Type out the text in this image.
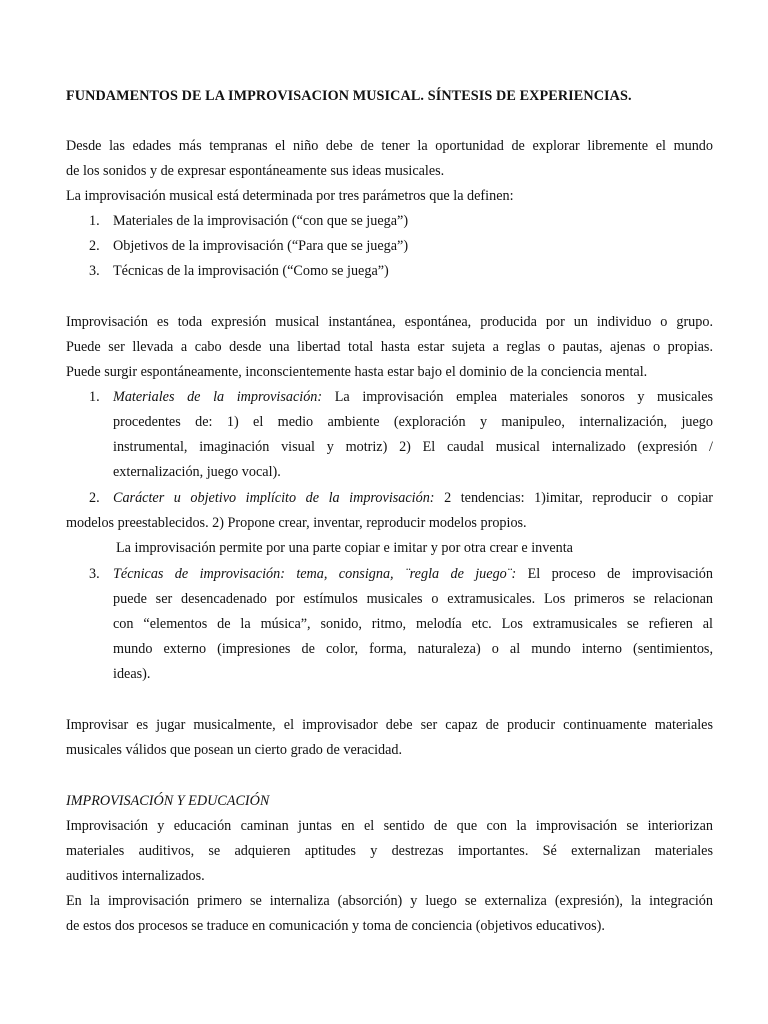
FUNDAMENTOS DE LA IMPROVISACION MUSICAL. SÍNTESIS DE EXPERIENCIAS.

Desde las edades más tempranas el niño debe de tener la oportunidad de explorar libremente el mundo
de los sonidos y de expresar espontáneamente sus ideas musicales.
La improvisación musical está determinada por tres parámetros que la definen:
1. Materiales de la improvisación (“con que se juega”)
2. Objetivos de la improvisación (“Para que se juega”)
3. Técnicas de la improvisación (“Como se juega”)
Improvisación es toda expresión musical instantánea, espontánea, producida por un individuo o grupo.
Puede ser llevada a cabo desde una libertad total hasta estar sujeta a reglas o pautas, ajenas o propias.
Puede surgir espontáneamente, inconscientemente hasta estar bajo el dominio de la conciencia mental.
1. Materiales de la improvisación: La improvisación emplea materiales sonoros y musicales
procedentes de: 1) el medio ambiente (exploración y manipuleo, internalización, juego
instrumental, imaginación visual y motriz) 2) El caudal musical internalizado (expresión /
externalización, juego vocal).
2. Carácter u objetivo implícito de la improvisación: 2 tendencias: 1)imitar, reproducir o copiar
modelos preestablecidos. 2) Propone crear, inventar, reproducir modelos propios.
La improvisación permite por una parte copiar e imitar y por otra crear e inventa
3. Técnicas de improvisación: tema, consigna, ¨regla de juego¨: El proceso de improvisación
puede ser desencadenado por estímulos musicales o extramusicales. Los primeros se relacionan
con “elementos de la música”, sonido, ritmo, melodía etc. Los extramusicales se refieren al
mundo externo (impresiones de color, forma, naturaleza) o al mundo interno (sentimientos,
ideas).
Improvisar es jugar musicalmente, el improvisador debe ser capaz de producir continuamente materiales
musicales válidos que posean un cierto grado de veracidad.
IMPROVISACIÓN Y EDUCACIÓN
Improvisación y educación caminan juntas en el sentido de que con la improvisación se interiorizan
materiales auditivos, se adquieren aptitudes y destrezas importantes. Sé externalizan materiales
auditivos internalizados.
En la improvisación primero se internaliza (absorción) y luego se externaliza (expresión), la integración
de estos dos procesos se traduce en comunicación y toma de conciencia (objetivos educativos).
